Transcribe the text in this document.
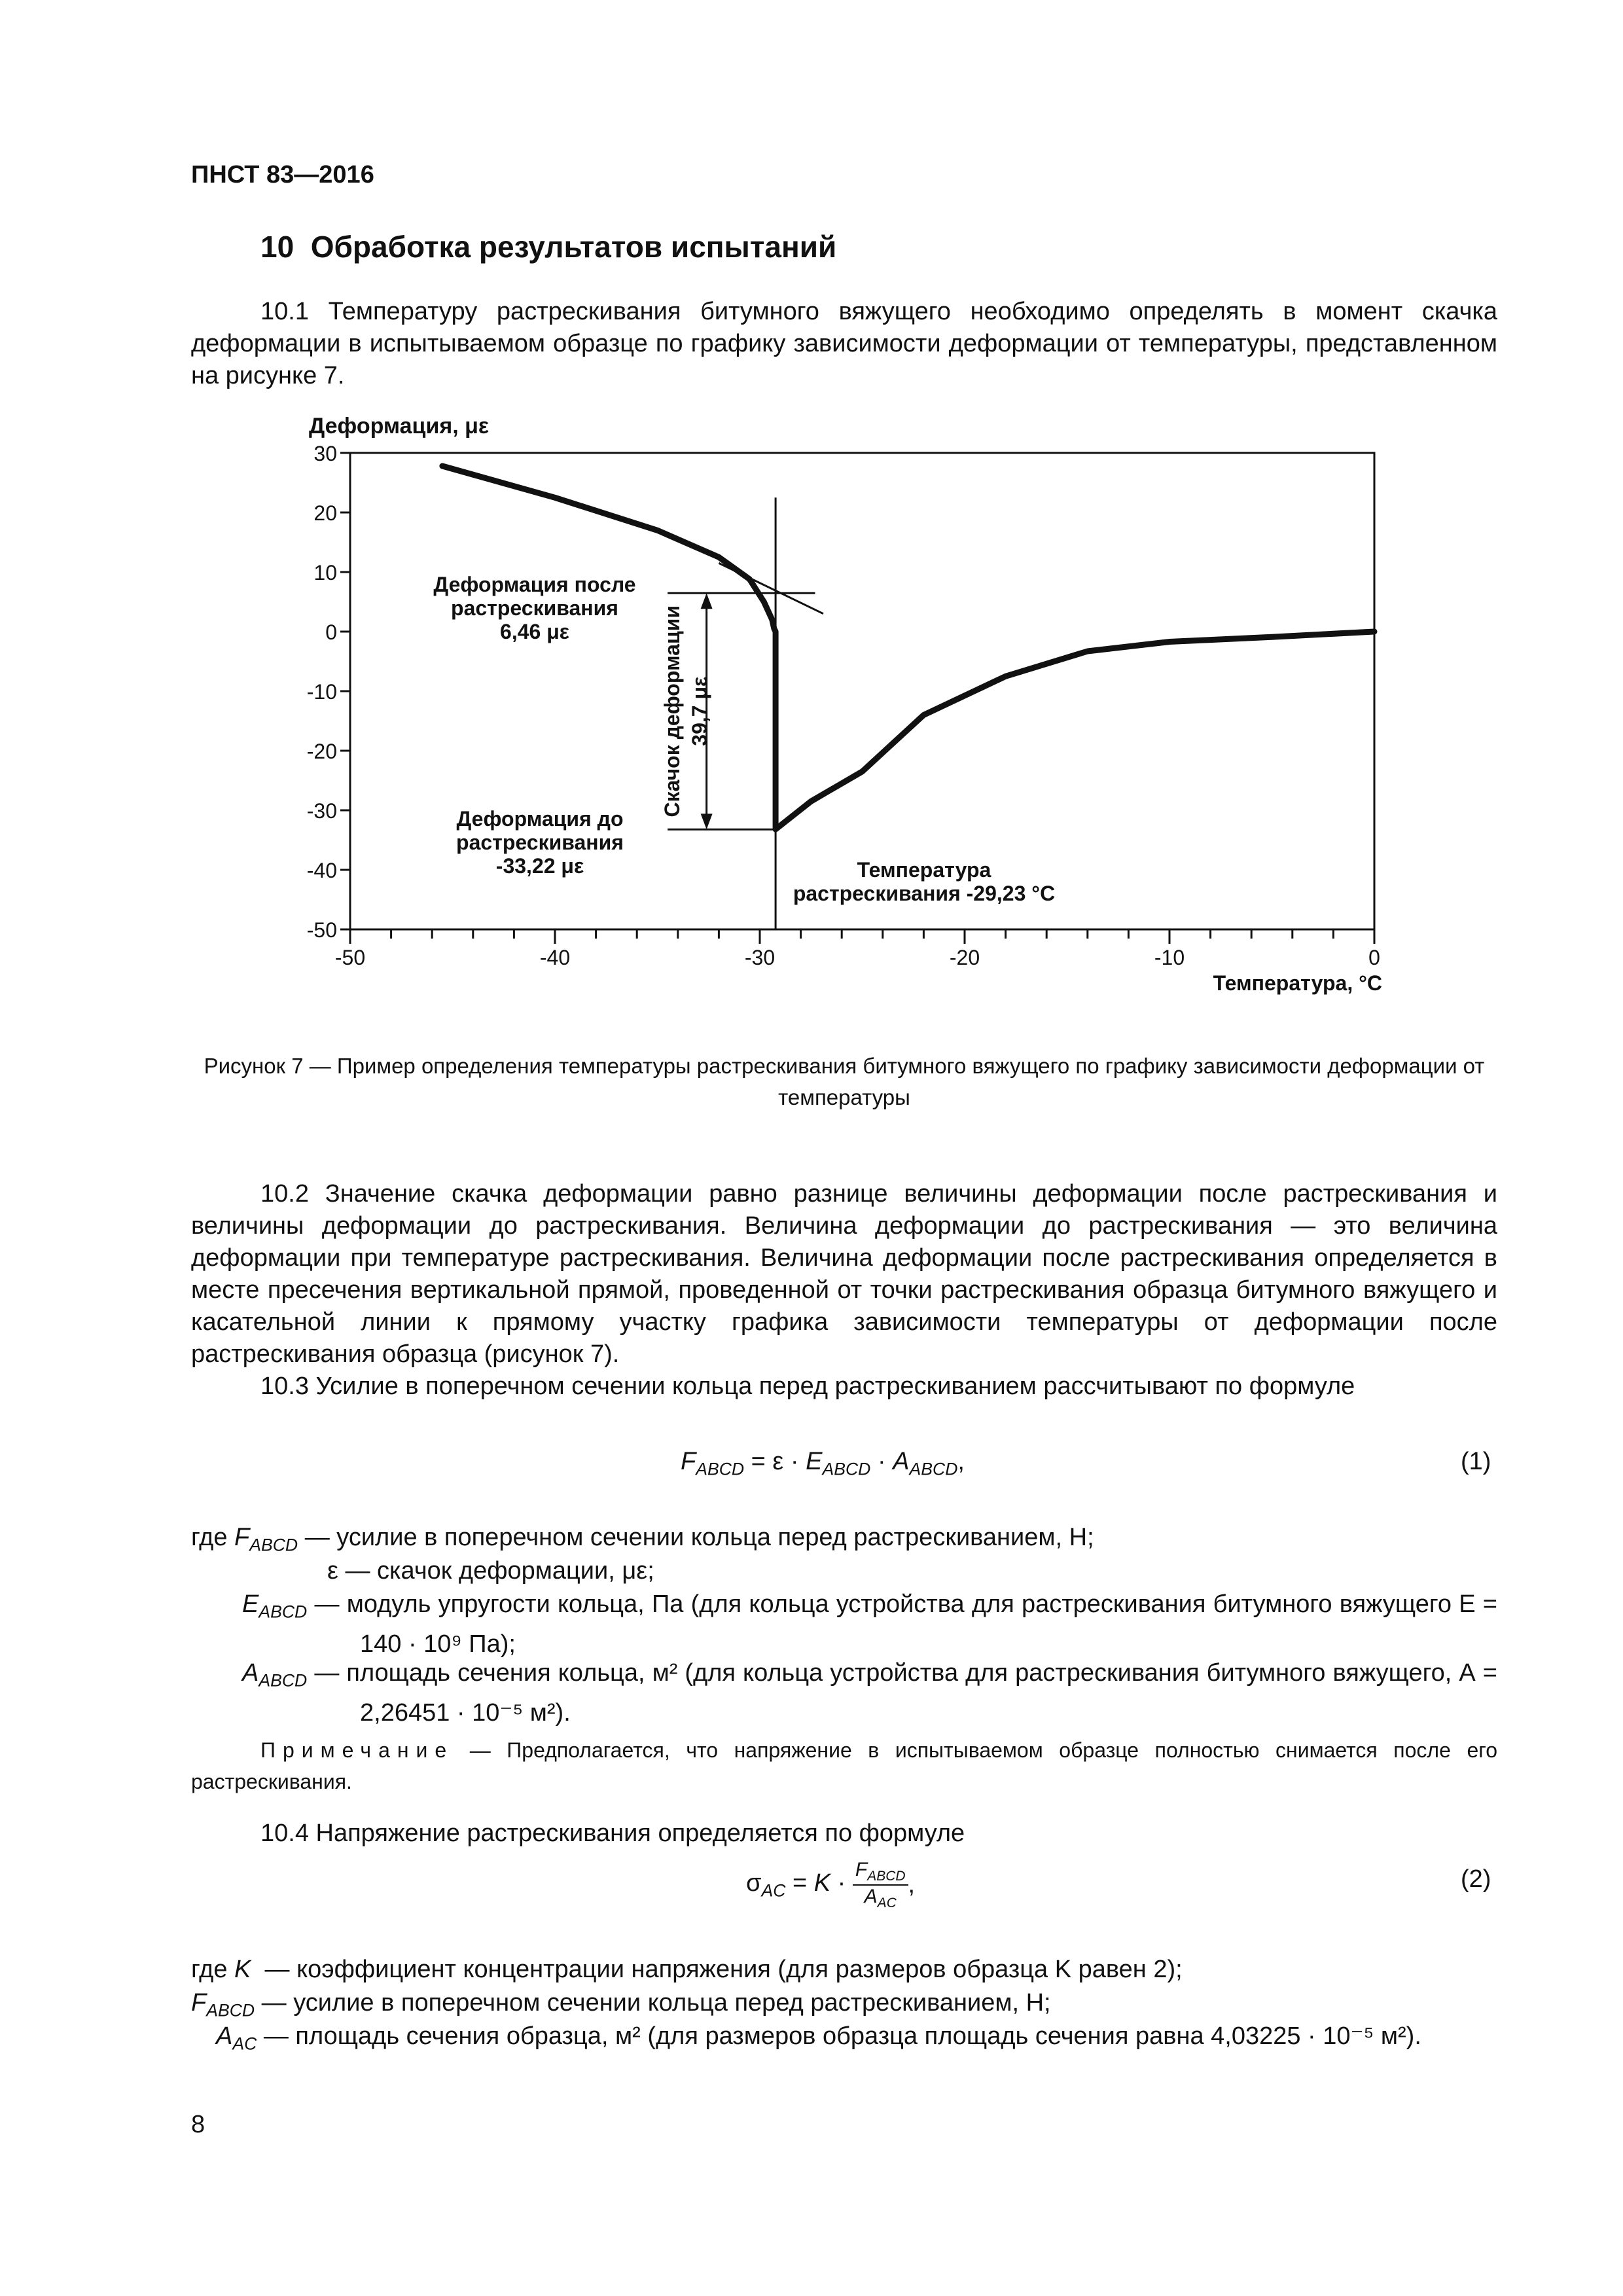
ПНСТ 83—2016
10 Обработка результатов испытаний

10.1 Температуру растрескивания битумного вяжущего необходимо определять в момент скачка деформации в испытываемом образце по графику зависимости деформации от температуры, представленном на рисунке 7.

30
20
10
0
-10
-20
-30
-40
-50
-50	-40	-30	-20	-10	0
Деформация, με
Температура, °C
Деформация после растрескивания 6,46 με
Деформация до растрескивания -33,22 με	Температура растрескивания -29,23 °C
Скачок деформации 39,7 με
Рисунок 7 — Пример определения температуры растрескивания битумного вяжущего по графику зависимости деформации от температуры

10.2 Значение скачка деформации равно разнице величины деформации после растрескивания и величины деформации до растрескивания. Величина деформации до растрескивания — это величина деформации при температуре растрескивания. Величина деформации после растрескивания определяется в месте пресечения вертикальной прямой, проведенной от точки растрескивания образца битумного вяжущего и касательной линии к прямому участку графика зависимости температуры от деформации после растрескивания образца (рисунок 7).

10.3 Усилие в поперечном сечении кольца перед растрескиванием рассчитывают по формуле

$F_{ABCD} = \varepsilon \cdot E_{ABCD} \cdot A_{ABCD}$,	(1)
где $F_{ABCD}$ — усилие в поперечном сечении кольца перед растрескиванием, Н;
ε — скачок деформации, με;
$E_{ABCD}$ — модуль упругости кольца, Па (для кольца устройства для растрескивания битумного вяжущего Е = 140 · 10⁹ Па);
$A_{ABCD}$ — площадь сечения кольца, м² (для кольца устройства для растрескивания битумного вяжущего, А = 2,26451 · 10⁻⁵ м²).
Примечание — Предполагается, что напряжение в испытываемом образце полностью снимается после его растрескивания.

10.4 Напряжение растрескивания определяется по формуле

$\sigma_{AC} = K \cdot F_{ABCD}$
$A_{AC}$
,	(2)
где K — коэффициент концентрации напряжения (для размеров образца K равен 2);
$F_{ABCD}$ — усилие в поперечном сечении кольца перед растрескиванием, Н;
$A_{AC}$ — площадь сечения образца, м² (для размеров образца площадь сечения равна 4,03225 · 10⁻⁵ м²).
8
